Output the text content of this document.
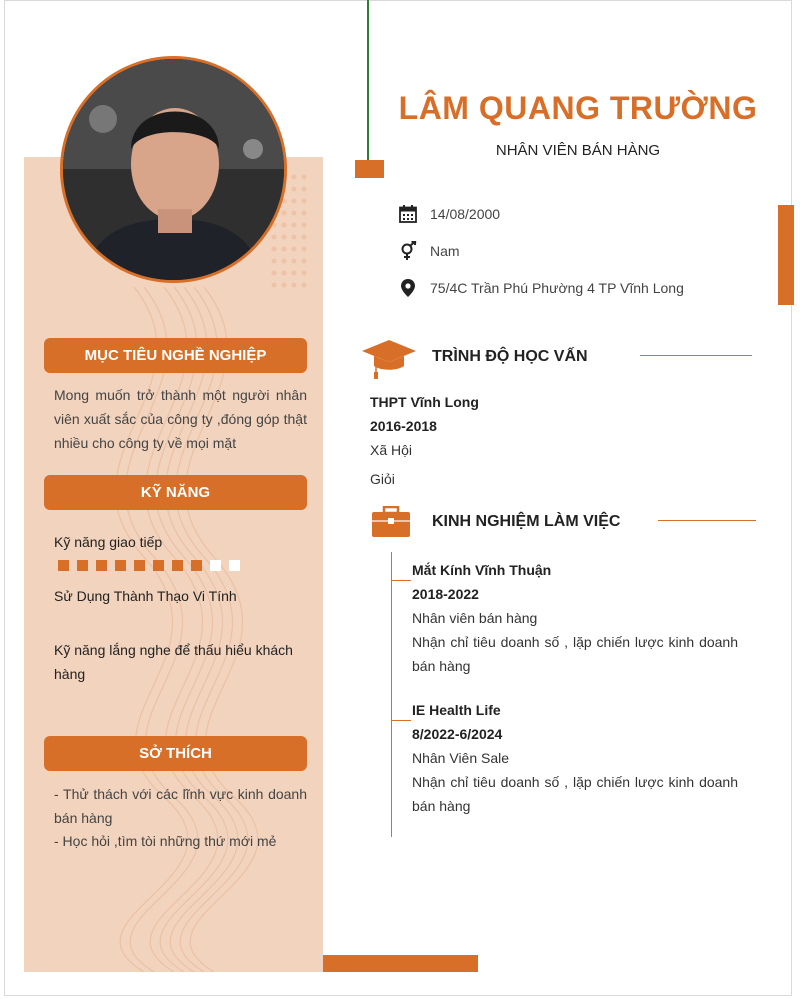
LÂM QUANG TRƯỜNG
NHÂN VIÊN BÁN HÀNG
14/08/2000
Nam
75/4C Trần Phú Phường 4 TP Vĩnh Long
MỤC TIÊU NGHỀ NGHIỆP
Mong muốn trở thành một người nhân viên xuất sắc của công ty ,đóng góp thật nhiều cho công ty về mọi mặt
KỸ NĂNG
Kỹ năng giao tiếp
Sử Dụng Thành Thạo Vi Tính
Kỹ năng lắng nghe để thấu hiểu khách hàng
SỞ THÍCH
- Thử thách với các lĩnh vực kinh doanh bán hàng
- Học hỏi ,tìm tòi những thứ mới mẻ
TRÌNH ĐỘ HỌC VẤN
THPT Vĩnh Long
2016-2018
Xã Hội
Giỏi
KINH NGHIỆM LÀM VIỆC
Mắt Kính Vĩnh Thuận
2018-2022
Nhân viên bán hàng
Nhận chỉ tiêu doanh số , lặp chiến lược kinh doanh bán hàng
IE Health Life
8/2022-6/2024
Nhân Viên Sale
Nhận chỉ tiêu doanh số , lặp chiến lược kinh doanh bán hàng
